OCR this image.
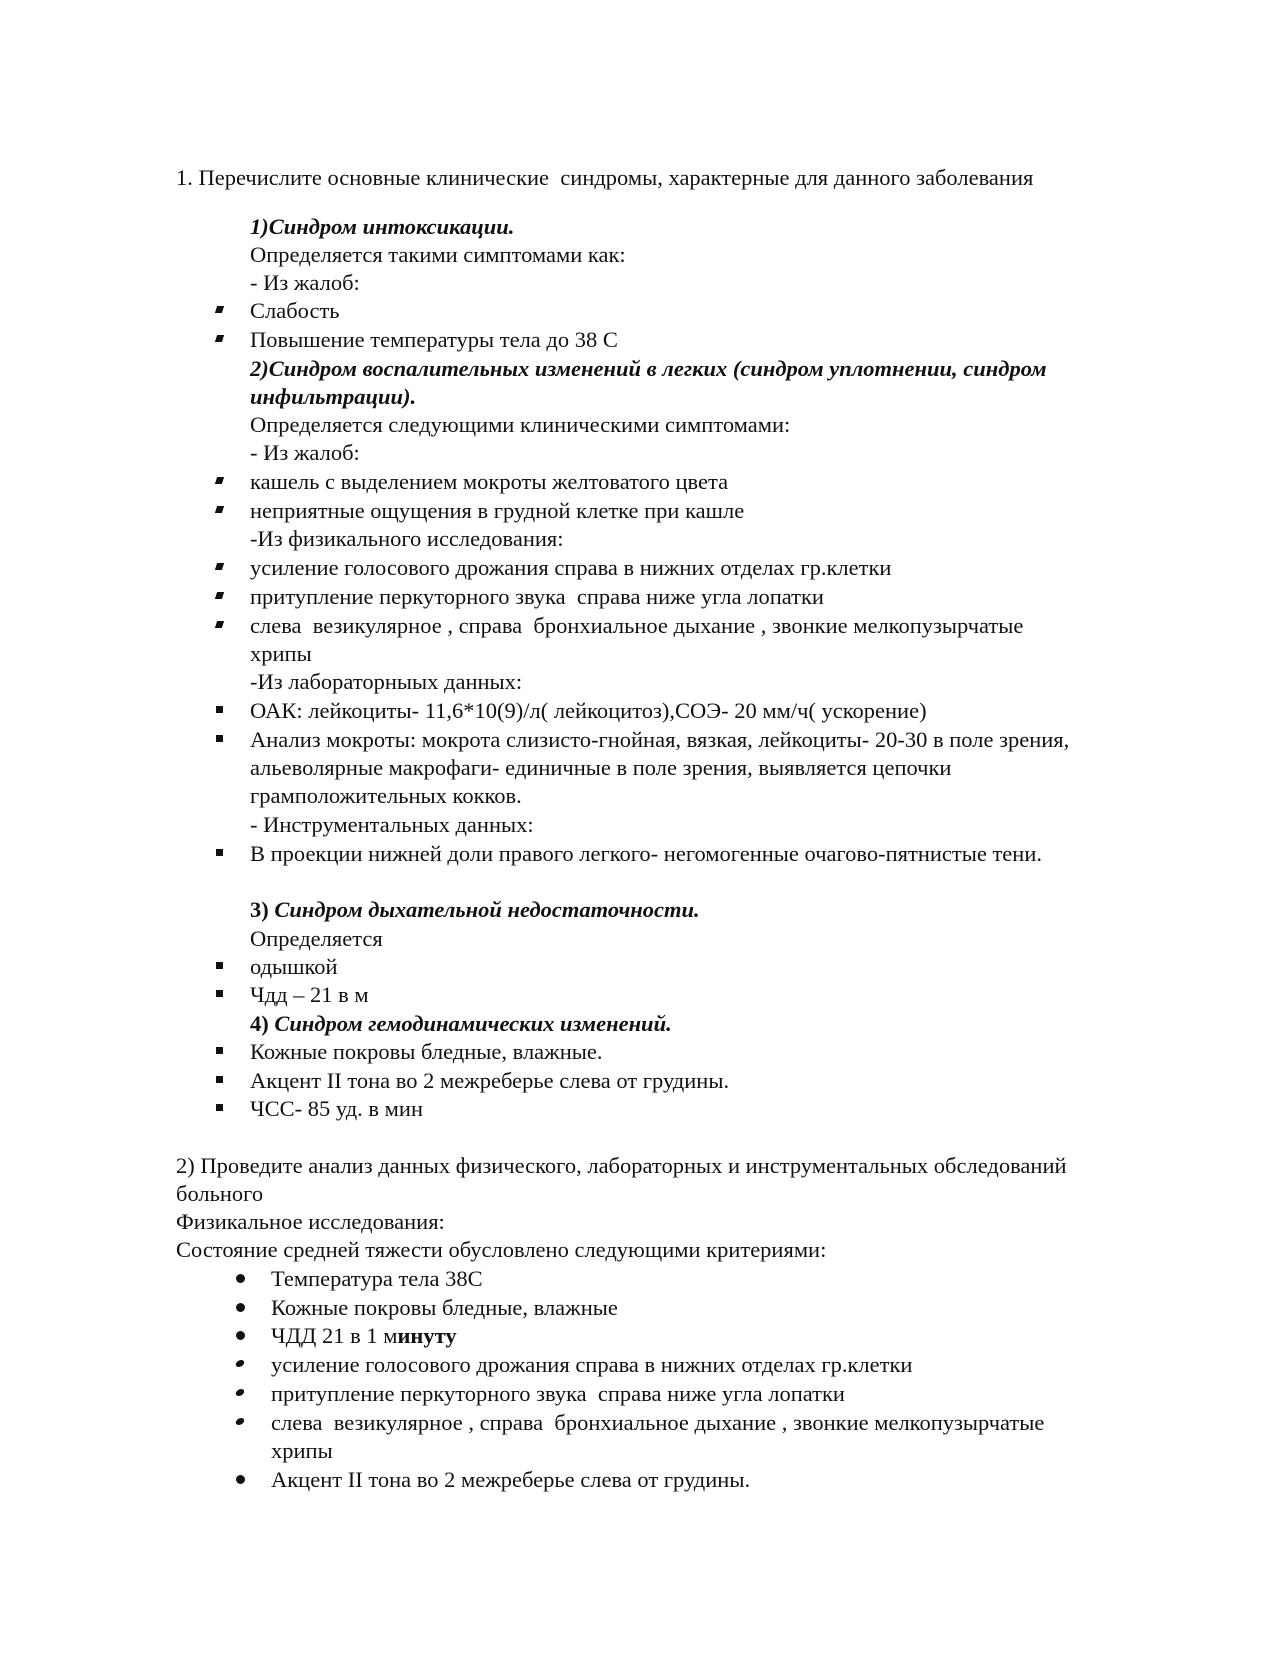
1. Перечислите основные клинические  синдромы, характерные для данного заболевания
1)Синдром интоксикации.
Определяется такими симптомами как:
- Из жалоб:
Слабость
Повышение температуры тела до 38 С
2)Синдром воспалительных изменений в легких (синдром уплотнении, синдром
инфильтрации).
Определяется следующими клиническими симптомами:
- Из жалоб:
кашель с выделением мокроты желтоватого цвета
неприятные ощущения в грудной клетке при кашле
-Из физикального исследования:
усиление голосового дрожания справа в нижних отделах гр.клетки
притупление перкуторного звука  справа ниже угла лопатки
слева  везикулярное , справа  бронхиальное дыхание , звонкие мелкопузырчатые
хрипы
-Из лабораторныых данных:
ОАК: лейкоциты- 11,6*10(9)/л( лейкоцитоз),СОЭ- 20 мм/ч( ускорение)
Анализ мокроты: мокрота слизисто-гнойная, вязкая, лейкоциты- 20-30 в поле зрения,
альеволярные макрофаги- единичные в поле зрения, выявляется цепочки
грамположительных кокков.
- Инструментальных данных:
В проекции нижней доли правого легкого- негомогенные очагово-пятнистые тени.
3) Синдром дыхательной недостаточности.
Определяется
одышкой
Чдд – 21 в м
4) Синдром гемодинамических изменений.
Кожные покровы бледные, влажные.
Акцент II тона во 2 межреберье слева от грудины.
ЧСС- 85 уд. в мин
2) Проведите анализ данных физического, лабораторных и инструментальных обследований
больного
Физикальное исследования:
Состояние средней тяжести обусловлено следующими критериями:
Температура тела 38С
Кожные покровы бледные, влажные
ЧДД 21 в 1 минуту
усиление голосового дрожания справа в нижних отделах гр.клетки
притупление перкуторного звука  справа ниже угла лопатки
слева  везикулярное , справа  бронхиальное дыхание , звонкие мелкопузырчатые
хрипы
Акцент II тона во 2 межреберье слева от грудины.
